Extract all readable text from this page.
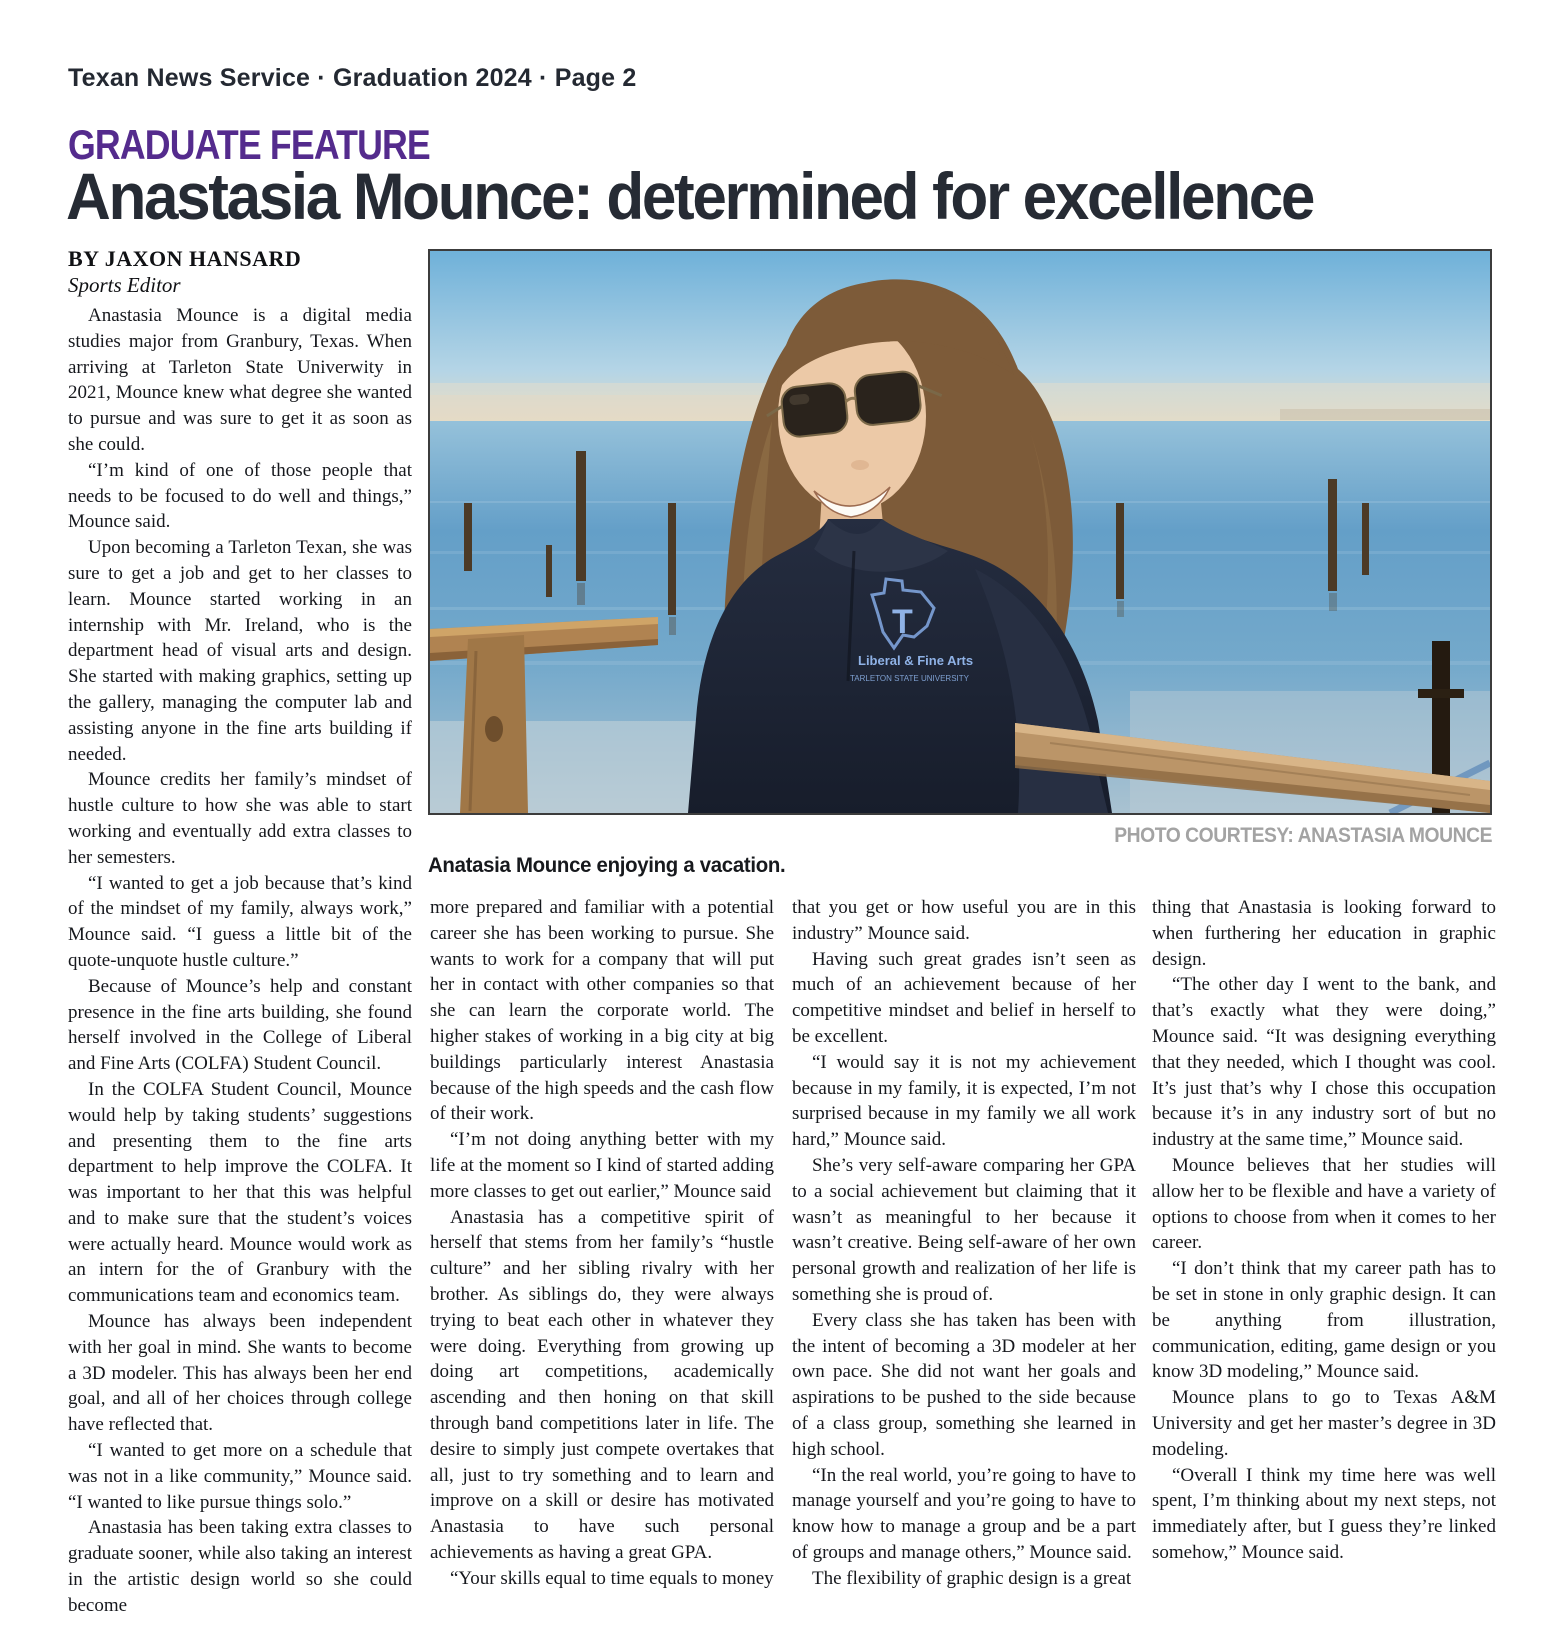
Texan News Service · Graduation 2024 · Page 2
GRADUATE FEATURE
Anastasia Mounce: determined for excellence
BY JAXON HANSARD
Sports Editor

Anastasia Mounce is a digital media studies major from Granbury, Texas. When arriving at Tarleton State Univerwity in 2021, Mounce knew what degree she wanted to pursue and was sure to get it as soon as she could.

“I’m kind of one of those people that needs to be focused to do well and things,” Mounce said.

Upon becoming a Tarleton Texan, she was sure to get a job and get to her classes to learn. Mounce started working in an internship with Mr. Ireland, who is the department head of visual arts and design. She started with making graphics, setting up the gallery, managing the computer lab and assisting anyone in the fine arts building if needed.

Mounce credits her family’s mindset of hustle culture to how she was able to start working and eventually add extra classes to her semesters.

“I wanted to get a job because that’s kind of the mindset of my family, always work,” Mounce said. “I guess a little bit of the quote-unquote hustle culture.”

Because of Mounce’s help and constant presence in the fine arts building, she found herself involved in the College of Liberal and Fine Arts (COLFA) Student Council.

In the COLFA Student Council, Mounce would help by taking students’ suggestions and presenting them to the fine arts department to help improve the COLFA. It was important to her that this was helpful and to make sure that the student’s voices were actually heard. Mounce would work as an intern for the of Granbury with the communications team and economics team.

Mounce has always been independent with her goal in mind. She wants to become a 3D modeler. This has always been her end goal, and all of her choices through college have reflected that.

“I wanted to get more on a schedule that was not in a like community,” Mounce said. “I wanted to like pursue things solo.”

Anastasia has been taking extra classes to graduate sooner, while also taking an interest in the artistic design world so she could become

T
Liberal & Fine Arts
TARLETON STATE UNIVERSITY
PHOTO COURTESY: ANASTASIA MOUNCE
Anatasia Mounce enjoying a vacation.

more prepared and familiar with a potential career she has been working to pursue. She wants to work for a company that will put her in contact with other companies so that she can learn the corporate world. The higher stakes of working in a big city at big buildings particularly interest Anastasia because of the high speeds and the cash flow of their work.

“I’m not doing anything better with my life at the moment so I kind of started adding more classes to get out earlier,” Mounce said

Anastasia has a competitive spirit of herself that stems from her family’s “hustle culture” and her sibling rivalry with her brother. As siblings do, they were always trying to beat each other in whatever they were doing. Everything from growing up doing art competitions, academically ascending and then honing on that skill through band competitions later in life. The desire to simply just compete overtakes that all, just to try something and to learn and improve on a skill or desire has motivated Anastasia to have such personal achievements as having a great GPA.

“Your skills equal to time equals to money

that you get or how useful you are in this industry” Mounce said.

Having such great grades isn’t seen as much of an achievement because of her competitive mindset and belief in herself to be excellent.

“I would say it is not my achievement because in my family, it is expected, I’m not surprised because in my family we all work hard,” Mounce said.

She’s very self-aware comparing her GPA to a social achievement but claiming that it wasn’t as meaningful to her because it wasn’t creative. Being self-aware of her own personal growth and realization of her life is something she is proud of.

Every class she has taken has been with the intent of becoming a 3D modeler at her own pace. She did not want her goals and aspirations to be pushed to the side because of a class group, something she learned in high school.

“In the real world, you’re going to have to manage yourself and you’re going to have to know how to manage a group and be a part of groups and manage others,” Mounce said.

The flexibility of graphic design is a great

thing that Anastasia is looking forward to when furthering her education in graphic design.

“The other day I went to the bank, and that’s exactly what they were doing,” Mounce said. “It was designing everything that they needed, which I thought was cool. It’s just that’s why I chose this occupation because it’s in any industry sort of but no industry at the same time,” Mounce said.

Mounce believes that her studies will allow her to be flexible and have a variety of options to choose from when it comes to her career.

“I don’t think that my career path has to be set in stone in only graphic design. It can be anything from illustration, communication, editing, game design or you know 3D modeling,” Mounce said.

Mounce plans to go to Texas A&M University and get her master’s degree in 3D modeling.

“Overall I think my time here was well spent, I’m thinking about my next steps, not immediately after, but I guess they’re linked somehow,” Mounce said.
